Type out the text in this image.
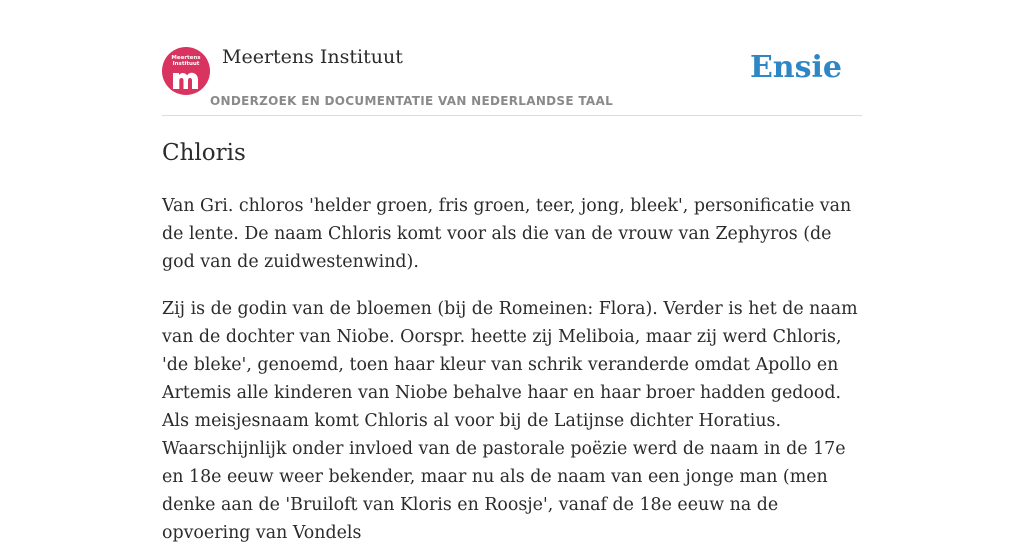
Meertens
Instituut	Meertens Instituut
ONDERZOEK EN DOCUMENTATIE VAN NEDERLANDSE TAAL
Ensie
Chloris

Van Gri. chloros 'helder groen, fris groen, teer, jong, bleek', personificatie van de lente. De naam Chloris komt voor als die van de vrouw van Zephyros (de god van de zuidwestenwind).

Zij is de godin van de bloemen (bij de Romeinen: Flora). Verder is het de naam van de dochter van Niobe. Oorspr. heette zij Meliboia, maar zij werd Chloris, 'de bleke', genoemd, toen haar kleur van schrik veranderde omdat Apollo en Artemis alle kinderen van Niobe behalve haar en haar broer hadden gedood. Als meisjesnaam komt Chloris al voor bij de Latijnse dichter Horatius. Waarschijnlijk onder invloed van de pastorale poëzie werd de naam in de 17e en 18e eeuw weer bekender, maar nu als de naam van een jonge man (men denke aan de 'Bruiloft van Kloris en Roosje', vanaf de 18e eeuw na de opvoering van Vondels
